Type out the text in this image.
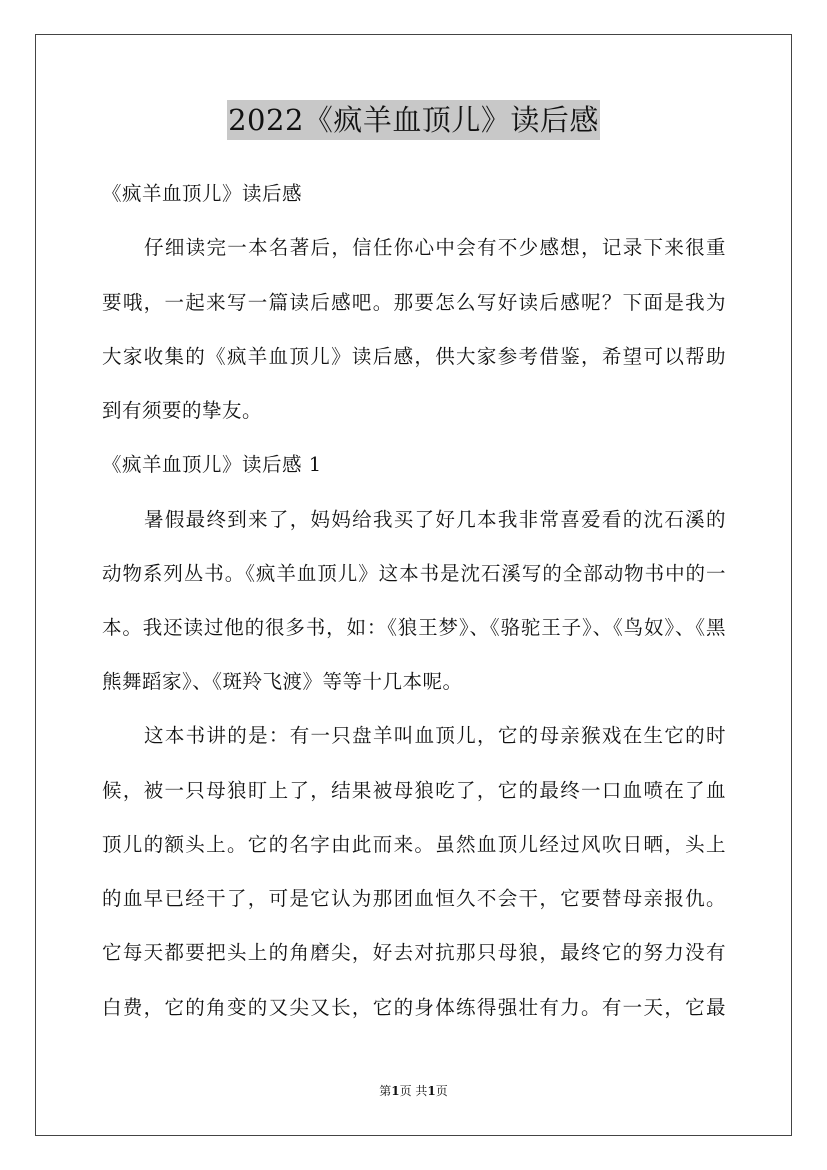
2022《疯羊血顶儿》读后感
《疯羊血顶儿》读后感
仔细读完一本名著后，信任你心中会有不少感想，记录下来很重
要哦，一起来写一篇读后感吧。那要怎么写好读后感呢？下面是我为
大家收集的《疯羊血顶儿》读后感，供大家参考借鉴，希望可以帮助
到有须要的挚友。
《疯羊血顶儿》读后感 1
暑假最终到来了，妈妈给我买了好几本我非常喜爱看的沈石溪的
动物系列丛书。《疯羊血顶儿》这本书是沈石溪写的全部动物书中的一
本。我还读过他的很多书，如：《狼王梦》、《骆驼王子》、《鸟奴》、《黑
熊舞蹈家》、《斑羚飞渡》等等十几本呢。
这本书讲的是：有一只盘羊叫血顶儿，它的母亲猴戏在生它的时
候，被一只母狼盯上了，结果被母狼吃了，它的最终一口血喷在了血
顶儿的额头上。它的名字由此而来。虽然血顶儿经过风吹日晒，头上
的血早已经干了，可是它认为那团血恒久不会干，它要替母亲报仇。
它每天都要把头上的角磨尖，好去对抗那只母狼，最终它的努力没有
白费，它的角变的又尖又长，它的身体练得强壮有力。有一天，它最
第1页 共1页
